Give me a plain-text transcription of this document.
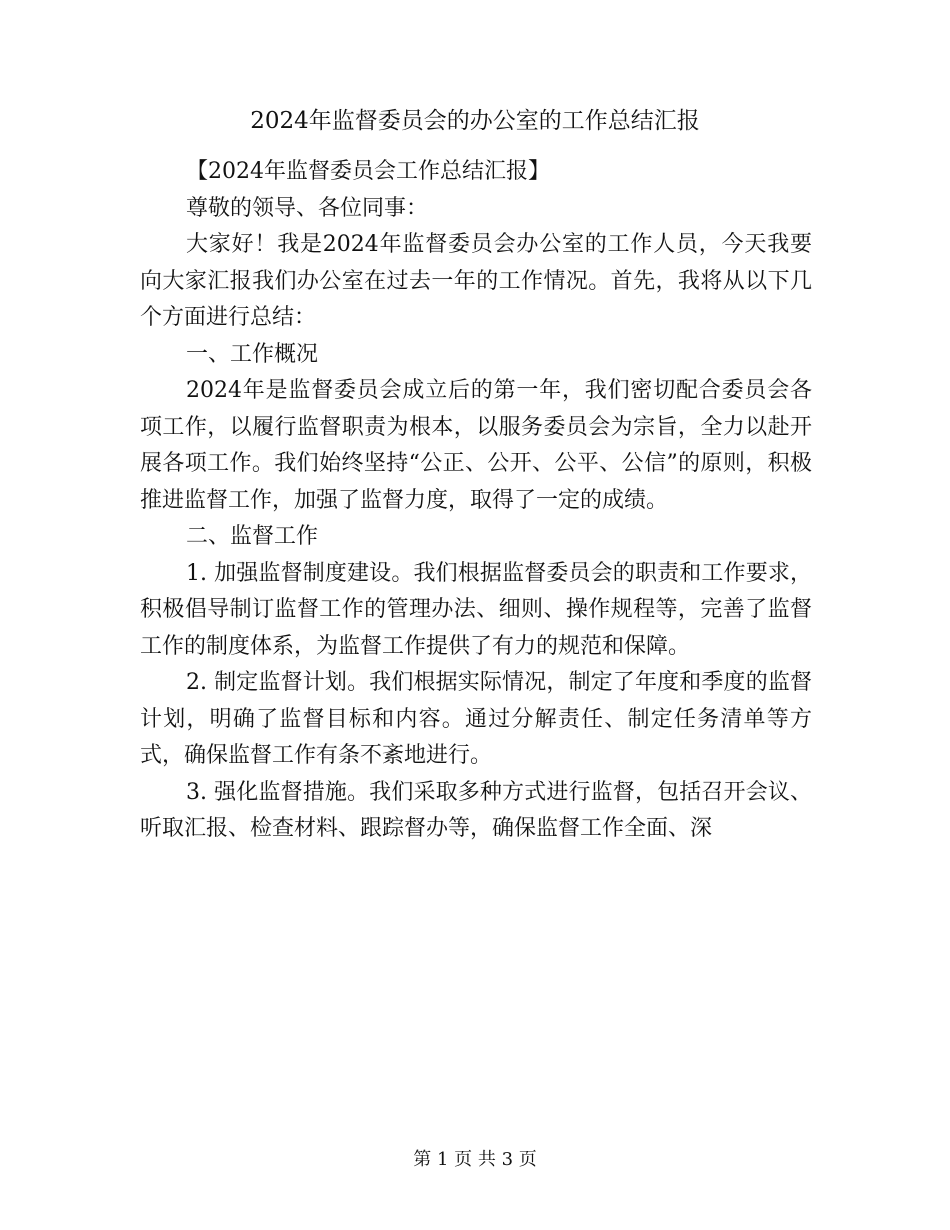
2024年监督委员会的办公室的工作总结汇报

【2024年监督委员会工作总结汇报】

尊敬的领导、各位同事：

大家好！我是2024年监督委员会办公室的工作人员，今天我要向大家汇报我们办公室在过去一年的工作情况。首先，我将从以下几个方面进行总结：

一、工作概况

2024年是监督委员会成立后的第一年，我们密切配合委员会各项工作，以履行监督职责为根本，以服务委员会为宗旨，全力以赴开展各项工作。我们始终坚持“公正、公开、公平、公信”的原则，积极推进监督工作，加强了监督力度，取得了一定的成绩。

二、监督工作

1. 加强监督制度建设。我们根据监督委员会的职责和工作要求，积极倡导制订监督工作的管理办法、细则、操作规程等，完善了监督工作的制度体系，为监督工作提供了有力的规范和保障。

2. 制定监督计划。我们根据实际情况，制定了年度和季度的监督计划，明确了监督目标和内容。通过分解责任、制定任务清单等方式，确保监督工作有条不紊地进行。

3. 强化监督措施。我们采取多种方式进行监督，包括召开会议、听取汇报、检查材料、跟踪督办等，确保监督工作全面、深

第 1 页 共 3 页
